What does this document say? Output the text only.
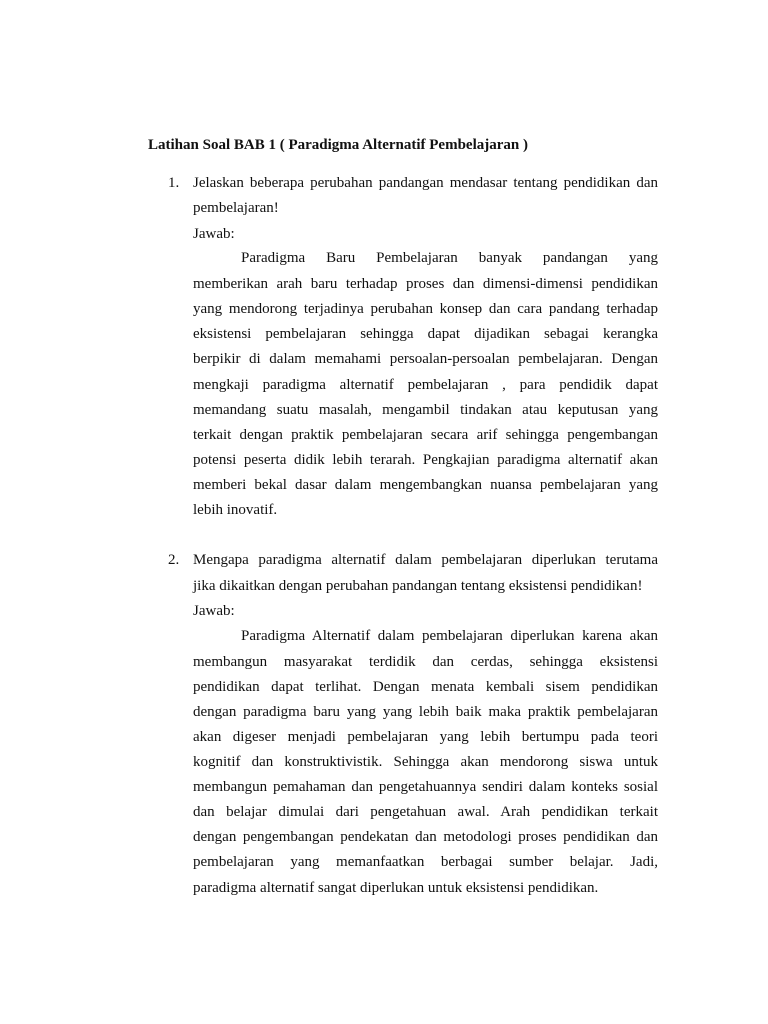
Latihan Soal BAB 1 ( Paradigma Alternatif Pembelajaran )
1. Jelaskan beberapa perubahan pandangan mendasar tentang pendidikan dan
pembelajaran!
Jawab:
Paradigma Baru Pembelajaran banyak pandangan yang
memberikan arah baru terhadap proses dan dimensi-dimensi pendidikan
yang mendorong terjadinya perubahan konsep dan cara pandang terhadap
eksistensi pembelajaran sehingga dapat dijadikan sebagai kerangka
berpikir di dalam memahami persoalan-persoalan pembelajaran. Dengan
mengkaji paradigma alternatif pembelajaran , para pendidik dapat
memandang suatu masalah, mengambil tindakan atau keputusan yang
terkait dengan praktik pembelajaran secara arif sehingga pengembangan
potensi peserta didik lebih terarah. Pengkajian paradigma alternatif akan
memberi bekal dasar dalam mengembangkan nuansa pembelajaran yang
lebih inovatif.
2. Mengapa paradigma alternatif dalam pembelajaran diperlukan terutama
jika dikaitkan dengan perubahan pandangan tentang eksistensi pendidikan!
Jawab:
Paradigma Alternatif dalam pembelajaran diperlukan karena akan
membangun masyarakat terdidik dan cerdas, sehingga eksistensi
pendidikan dapat terlihat. Dengan menata kembali sisem pendidikan
dengan paradigma baru yang yang lebih baik maka praktik pembelajaran
akan digeser menjadi pembelajaran yang lebih bertumpu pada teori
kognitif dan konstruktivistik. Sehingga akan mendorong siswa untuk
membangun pemahaman dan pengetahuannya sendiri dalam konteks sosial
dan belajar dimulai dari pengetahuan awal. Arah pendidikan terkait
dengan pengembangan pendekatan dan metodologi proses pendidikan dan
pembelajaran yang memanfaatkan berbagai sumber belajar. Jadi,
paradigma alternatif sangat diperlukan untuk eksistensi pendidikan.
